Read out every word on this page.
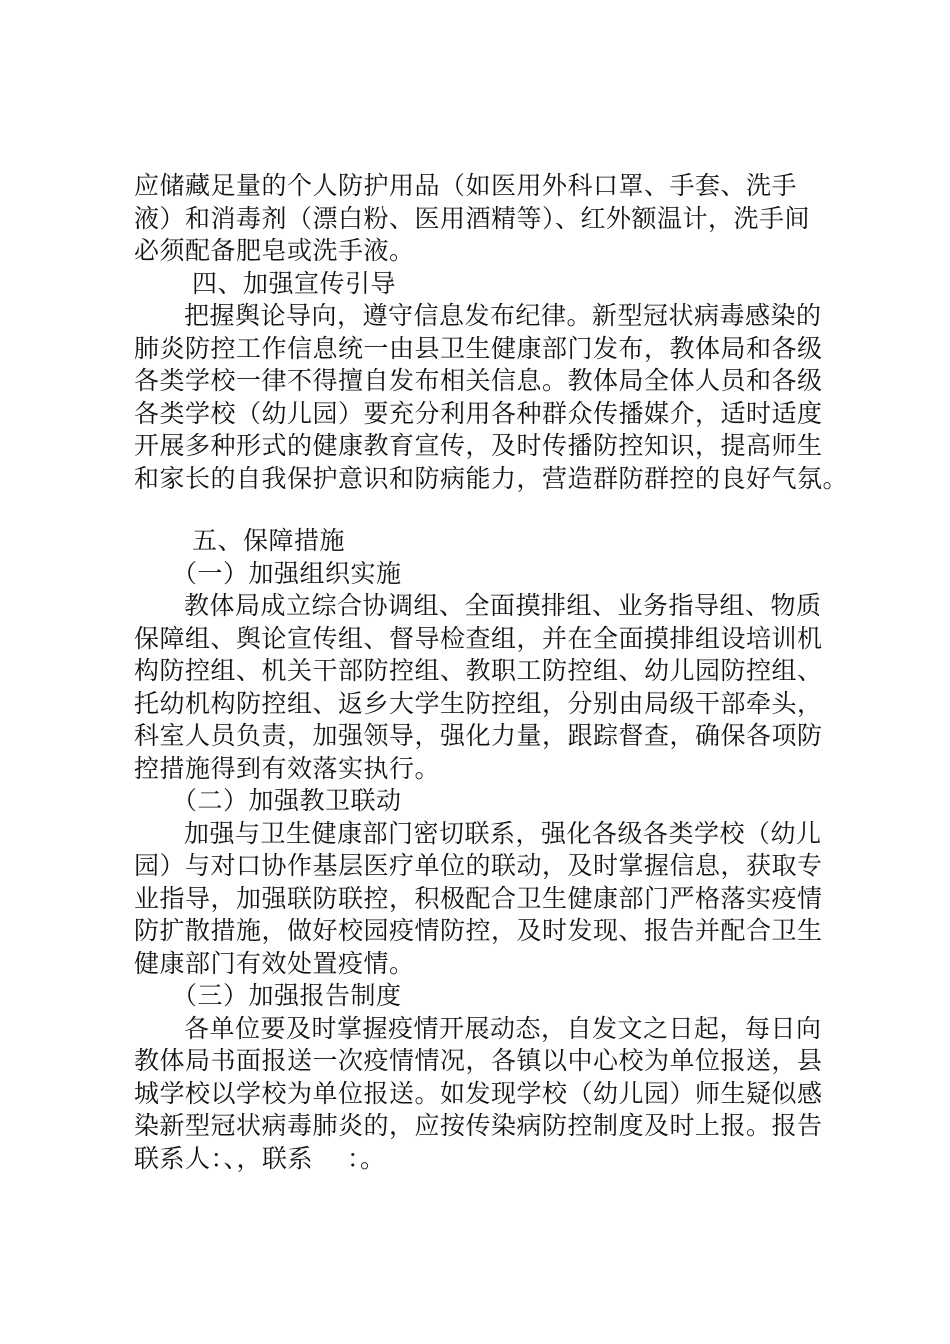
应储藏足量的个人防护用品（如医用外科口罩、手套、洗手
液）和消毒剂（漂白粉、医用酒精等）、红外额温计，洗手间
必须配备肥皂或洗手液。
四、加强宣传引导
把握舆论导向，遵守信息发布纪律。新型冠状病毒感染的
肺炎防控工作信息统一由县卫生健康部门发布，教体局和各级
各类学校一律不得擅自发布相关信息。教体局全体人员和各级
各类学校（幼儿园）要充分利用各种群众传播媒介，适时适度
开展多种形式的健康教育宣传，及时传播防控知识，提高师生
和家长的自我保护意识和防病能力，营造群防群控的良好气氛。
五、保障措施
（一）加强组织实施
教体局成立综合协调组、全面摸排组、业务指导组、物质
保障组、舆论宣传组、督导检查组，并在全面摸排组设培训机
构防控组、机关干部防控组、教职工防控组、幼儿园防控组、
托幼机构防控组、返乡大学生防控组，分别由局级干部牵头，
科室人员负责，加强领导，强化力量，跟踪督查，确保各项防
控措施得到有效落实执行。
（二）加强教卫联动
加强与卫生健康部门密切联系，强化各级各类学校（幼儿
园）与对口协作基层医疗单位的联动，及时掌握信息，获取专
业指导，加强联防联控，积极配合卫生健康部门严格落实疫情
防扩散措施，做好校园疫情防控，及时发现、报告并配合卫生
健康部门有效处置疫情。
（三）加强报告制度
各单位要及时掌握疫情开展动态，自发文之日起，每日向
教体局书面报送一次疫情情况，各镇以中心校为单位报送，县
城学校以学校为单位报送。如发现学校（幼儿园）师生疑似感
染新型冠状病毒肺炎的，应按传染病防控制度及时上报。报告
联系人：、，联系　 ：。
